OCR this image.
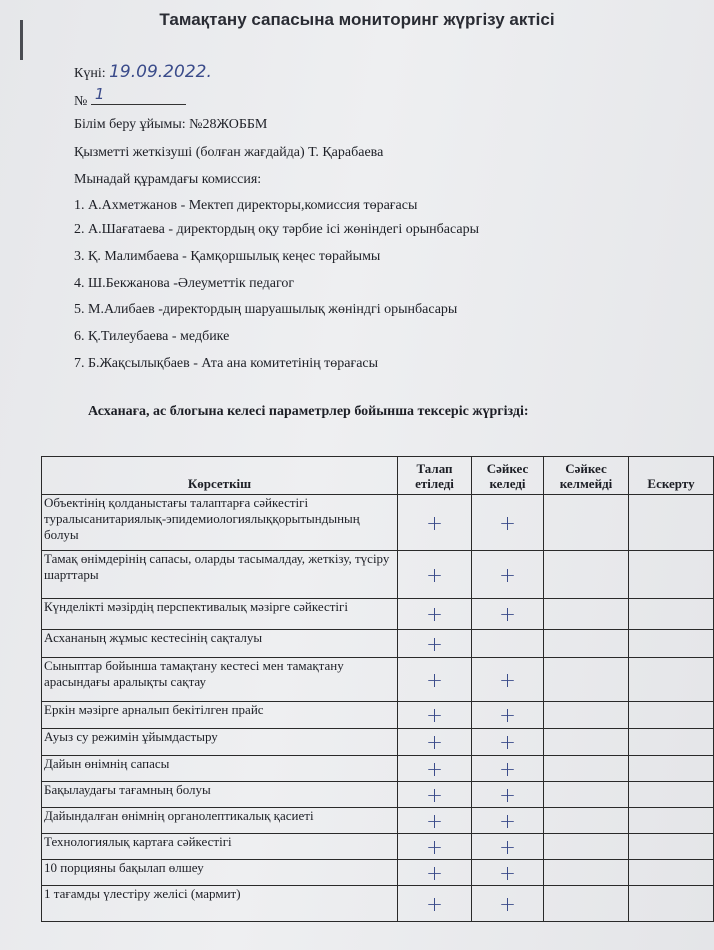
Тамақтану сапасына мониторинг жүргізу актісі
Күні: 19.09.2022.
№ 1
Білім беру ұйымы: №28ЖОББМ
Қызметті жеткізуші (болған жағдайда) Т. Қарабаева
Мынадай құрамдағы комиссия:
1. А.Ахметжанов - Мектеп директоры,комиссия төрағасы
2. А.Шағатаева - директордың оқу тәрбие ісі жөніндегі орынбасары
3. Қ. Малимбаева - Қамқоршылық кеңес төрайымы
4. Ш.Бекжанова -Әлеуметтік педагог
5. М.Алибаев -директордың шаруашылық жөніндгі орынбасары
6. Қ.Тилеубаева - медбике
7. Б.Жақсылықбаев - Ата ана комитетінің төрағасы
Асханаға, ас блогына келесі параметрлер бойынша тексеріс жүргізді:
Көрсеткіш	Талап етіледі	Сәйкес келеді	Сәйкес келмейді	Ескерту
Объектінің қолданыстағы талаптарға сәйкестігі туралысанитариялық-эпидемиологиялыққорытындының болуы	+	+		
Тамақ өнімдерінің сапасы, оларды тасымалдау, жеткізу, түсіру шарттары	+	+		
Күнделікті мәзірдің перспективалық мәзірге сәйкестігі	+	+		
Асхананың жұмыс кестесінің сақталуы	+			
Сыныптар бойынша тамақтану кестесі мен тамақтану арасындағы аралықты сақтау	+	+		
Еркін мәзірге арналып бекітілген прайс	+	+		
Ауыз су режимін ұйымдастыру	+	+		
Дайын өнімнің сапасы	+	+		
Бақылаудағы тағамның болуы	+	+		
Дайындалған өнімнің органолептикалық қасиеті	+	+		
Технологиялық картаға сәйкестігі	+	+		
10 порцияны бақылап өлшеу	+	+		
1 тағамды үлестіру желісі (мармит)	+	+		
